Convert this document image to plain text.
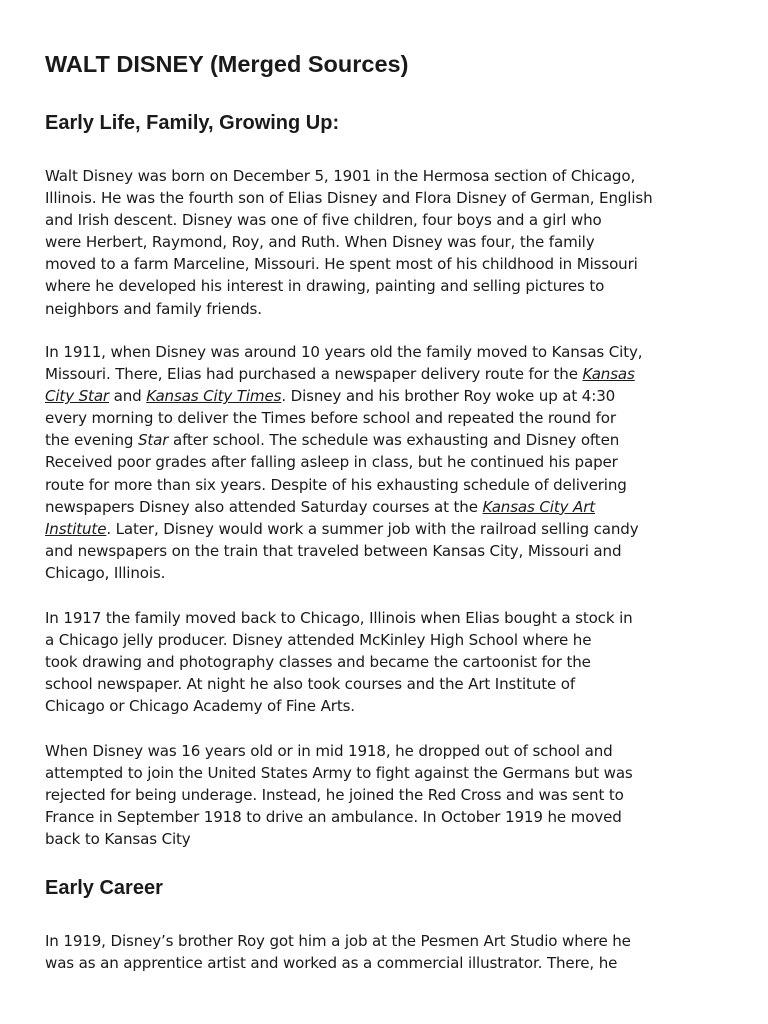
WALT DISNEY (Merged Sources)
Early Life, Family, Growing Up:
Walt Disney was born on December 5, 1901 in the Hermosa section of Chicago,
Illinois. He was the fourth son of Elias Disney and Flora Disney of German, English
and Irish descent. Disney was one of five children, four boys and a girl who
were Herbert, Raymond, Roy, and Ruth. When Disney was four, the family
moved to a farm Marceline, Missouri. He spent most of his childhood in Missouri
where he developed his interest in drawing, painting and selling pictures to
neighbors and family friends.
In 1911, when Disney was around 10 years old the family moved to Kansas City,
Missouri. There, Elias had purchased a newspaper delivery route for the Kansas
City Star and Kansas City Times. Disney and his brother Roy woke up at 4:30
every morning to deliver the Times before school and repeated the round for
the evening Star after school. The schedule was exhausting and Disney often
Received poor grades after falling asleep in class, but he continued his paper
route for more than six years. Despite of his exhausting schedule of delivering
newspapers Disney also attended Saturday courses at the Kansas City Art
Institute. Later, Disney would work a summer job with the railroad selling candy
and newspapers on the train that traveled between Kansas City, Missouri and
Chicago, Illinois.
In 1917 the family moved back to Chicago, Illinois when Elias bought a stock in
a Chicago jelly producer. Disney attended McKinley High School where he
took drawing and photography classes and became the cartoonist for the
school newspaper. At night he also took courses and the Art Institute of
Chicago or Chicago Academy of Fine Arts.
When Disney was 16 years old or in mid 1918, he dropped out of school and
attempted to join the United States Army to fight against the Germans but was
rejected for being underage. Instead, he joined the Red Cross and was sent to
France in September 1918 to drive an ambulance. In October 1919 he moved
back to Kansas City
Early Career
In 1919, Disney’s brother Roy got him a job at the Pesmen Art Studio where he
was as an apprentice artist and worked as a commercial illustrator. There, he
